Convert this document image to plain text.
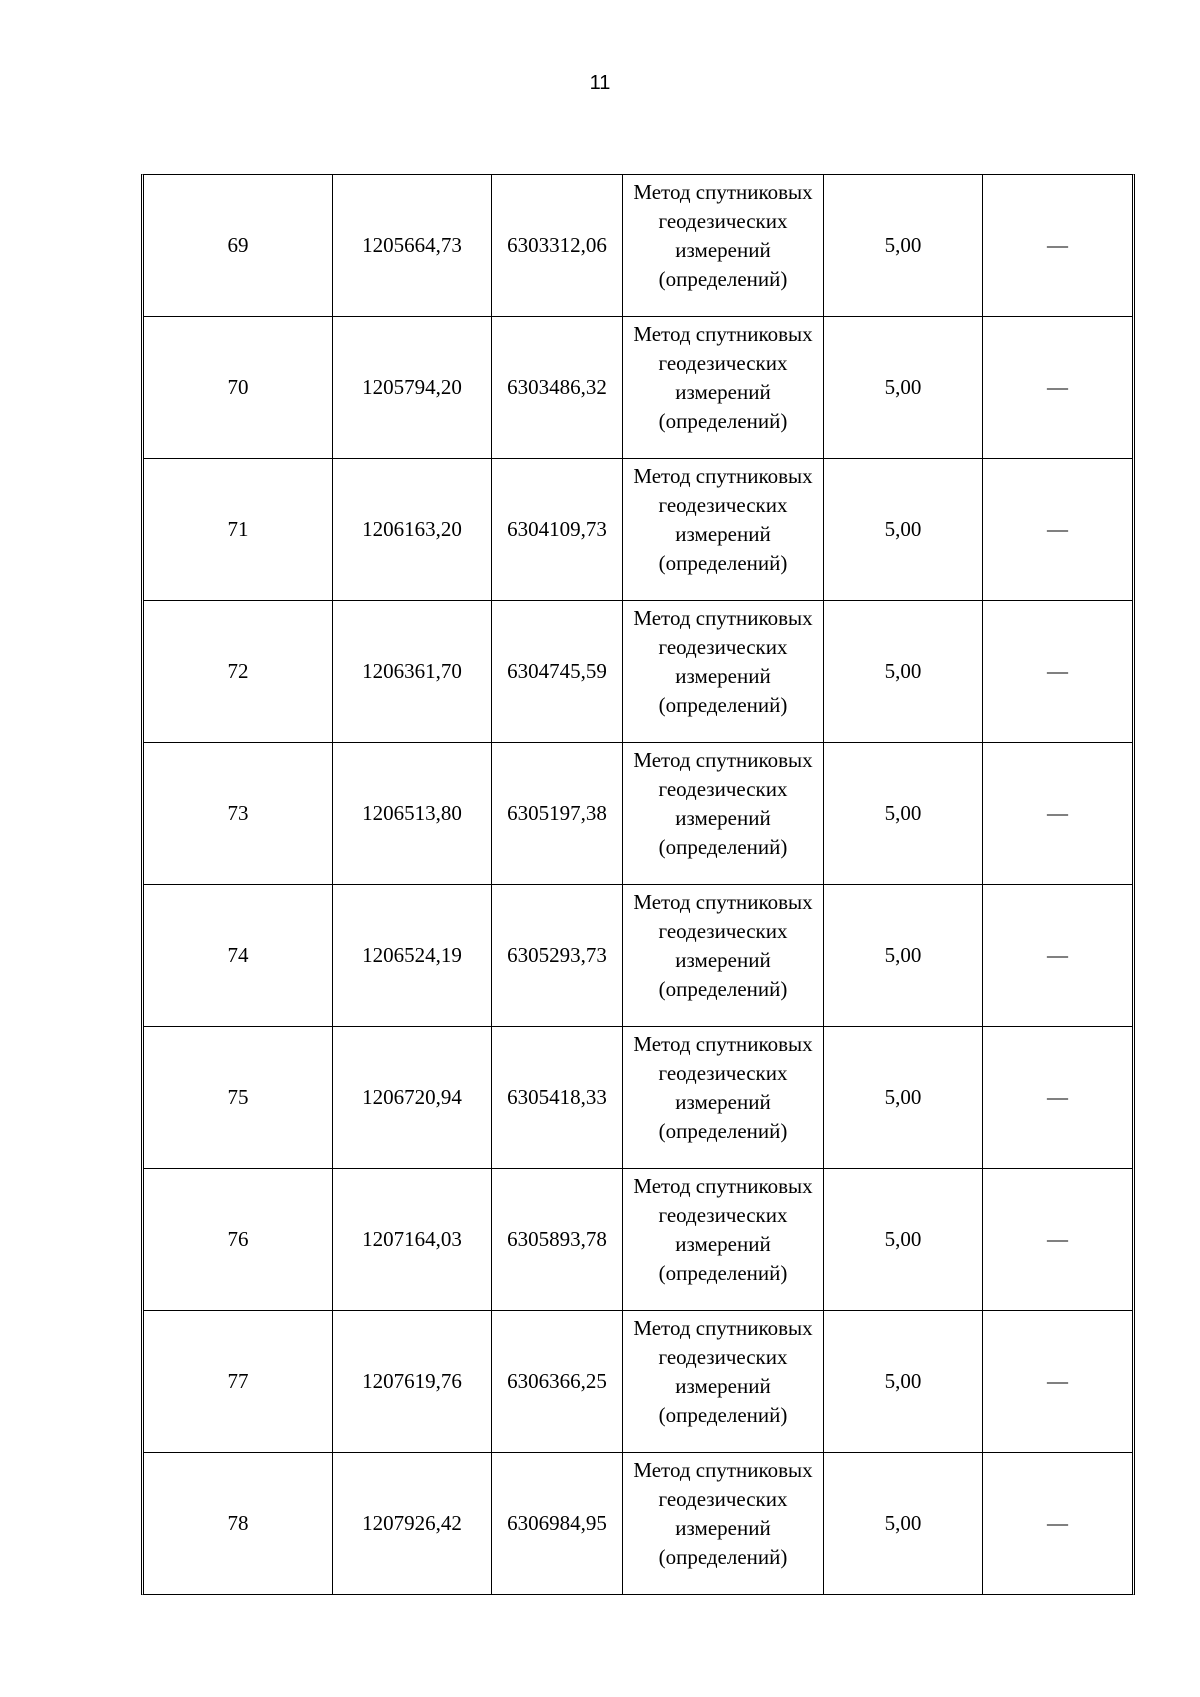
11
69	1205664,73	6303312,06	Метод спутниковых
геодезических
измерений
(определений)	5,00	—
70	1205794,20	6303486,32	Метод спутниковых
геодезических
измерений
(определений)	5,00	—
71	1206163,20	6304109,73	Метод спутниковых
геодезических
измерений
(определений)	5,00	—
72	1206361,70	6304745,59	Метод спутниковых
геодезических
измерений
(определений)	5,00	—
73	1206513,80	6305197,38	Метод спутниковых
геодезических
измерений
(определений)	5,00	—
74	1206524,19	6305293,73	Метод спутниковых
геодезических
измерений
(определений)	5,00	—
75	1206720,94	6305418,33	Метод спутниковых
геодезических
измерений
(определений)	5,00	—
76	1207164,03	6305893,78	Метод спутниковых
геодезических
измерений
(определений)	5,00	—
77	1207619,76	6306366,25	Метод спутниковых
геодезических
измерений
(определений)	5,00	—
78	1207926,42	6306984,95	Метод спутниковых
геодезических
измерений
(определений)	5,00	—
